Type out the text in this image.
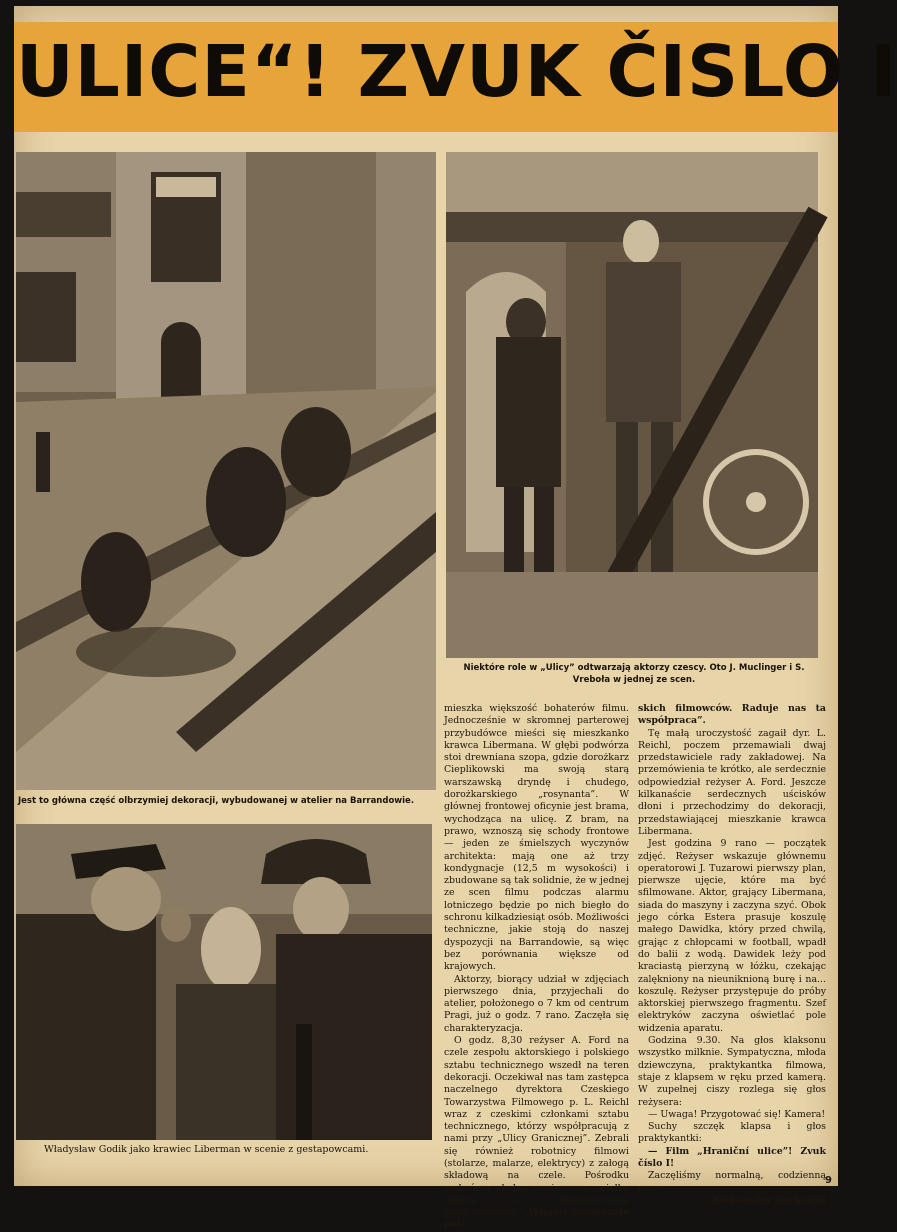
ULICE“! ZVUK ČISLO I
Jest to główna część olbrzymiej dekoracji, wybudowanej w atelier na Barrandowie.
Niektóre role w „Ulicy” odtwarzają aktorzy czescy. Oto J. Muclinger i S. Vreboła w jednej ze scen.
Władysław Godik jako krawiec Liberman w scenie z gestapowcami.

mieszka większość bohaterów filmu. Jednocześnie w skromnej parterowej przybudówce mieści się mieszkanko krawca Libermana. W głębi podwórza stoi drewniana szopa, gdzie dorożkarz Cieplikowski ma swoją starą warszawską dryndę i chudego, dorożkarskiego „rosynanta”. W głównej frontowej oficynie jest brama, wychodząca na ulicę. Z bram, na prawo, wznoszą się schody frontowe — jeden ze śmielszych wyczynów architekta: mają one aż trzy kondygnacje (12,5 m wysokości) i zbudowane są tak solidnie, że w jednej ze scen filmu podczas alarmu lotniczego będzie po nich biegło do schronu kilkadziesiąt osób. Możliwości techniczne, jakie stoją do naszej dyspozycji na Barrandowie, są więc bez porównania większe od krajowych.

Aktorzy, biorący udział w zdjęciach pierwszego dnia, przyjechali do atelier, położonego o 7 km od centrum Pragi, już o godz. 7 rano. Zaczęła się charakteryzacja.

O godz. 8,30 reżyser A. Ford na czele zespołu aktorskiego i polskiego sztabu technicznego wszedł na teren dekoracji. Oczekiwał nas tam zastępca naczelnego dyrektora Czeskiego Towarzystwa Filmowego p. L. Reichl wraz z czeskimi członkami sztabu technicznego, którzy współpracują z nami przy „Ulicy Granicznej”. Zebrali się również robotnicy filmowi (stolarze, malarze, elektrycy) z załogą składową na czele. Pośrodku podwórza była zawieszona wielka tablica z dwujęzycznym pozdrowieniem: „Witamy serdecznie pol-

skich filmowców. Raduje nas ta współpraca”.

Tę małą uroczystość zagaił dyr. L. Reichl, poczem przemawiali dwaj przedstawiciele rady zakładowej. Na przemówienia te krótko, ale serdecznie odpowiedział reżyser A. Ford. Jeszcze kilkanaście serdecznych uścisków dłoni i przechodzimy do dekoracji, przedstawiającej mieszkanie krawca Libermana.

Jest godzina 9 rano — początek zdjęć. Reżyser wskazuje głównemu operatorowi J. Tuzarowi pierwszy plan, pierwsze ujęcie, które ma być sfilmowane. Aktor, grający Libermana, siada do maszyny i zaczyna szyć. Obok jego córka Estera prasuje koszulę małego Dawidka, który przed chwilą, grając z chłopcami w football, wpadł do balii z wodą. Dawidek leży pod kraciastą pierzyną w łóżku, czekając zalękniony na nieuniknioną burę i na... koszulę. Reżyser przystępuje do próby aktorskiej pierwszego fragmentu. Szef elektryków zaczyna oświetlać pole widzenia aparatu.

Godzina 9.30. Na głos klaksonu wszystko milknie. Sympatyczna, młoda dziewczyna, praktykantka filmowa, staje z klapsem w ręku przed kamerą. W zupełnej ciszy rozlega się głos reżysera:

— Uwaga! Przygotować się! Kamera!

Suchy szczęk klapsa i głos praktykantki:

— Film „Hraniční ulice”! Zvuk číslo I!

Zaczęliśmy normalną, codzienną pracę.

Aleksander Suchcicki

9
